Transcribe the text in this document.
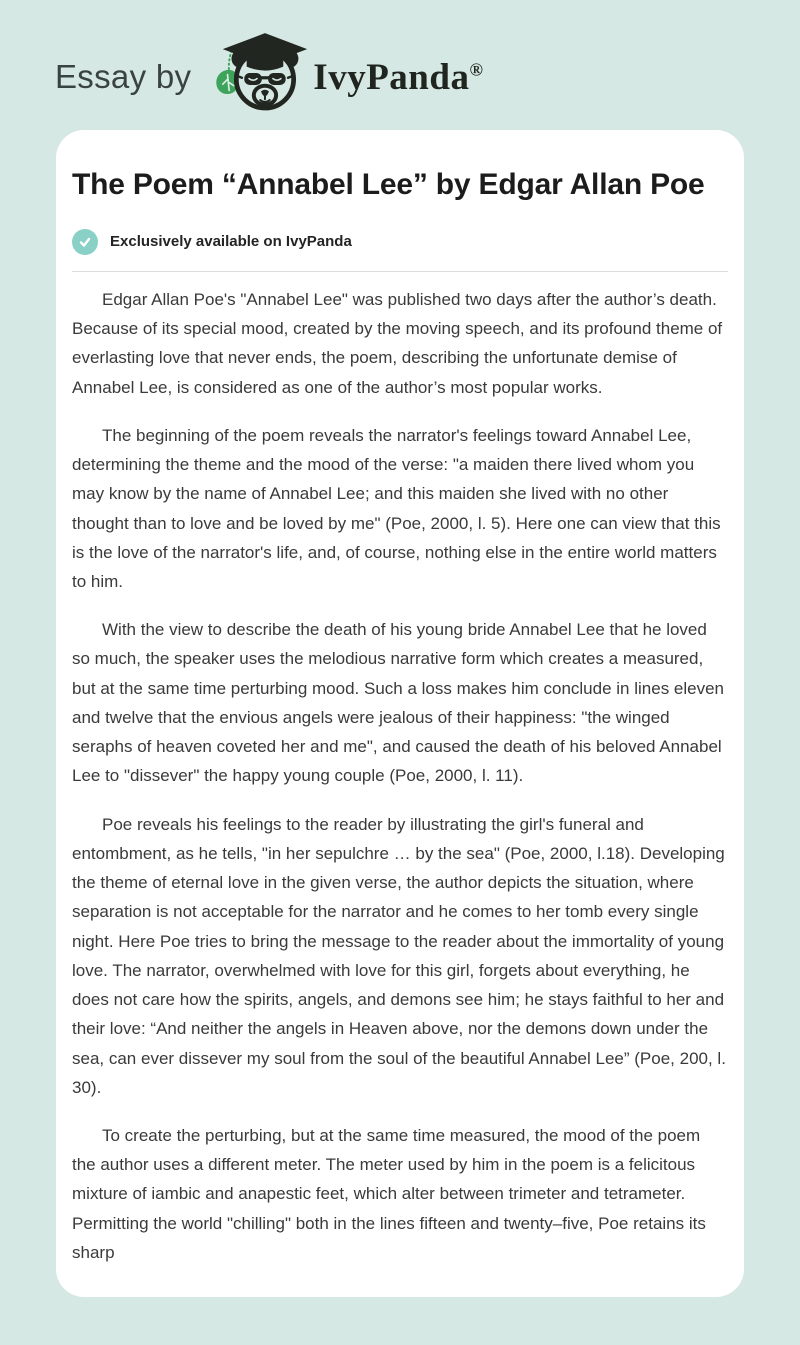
Essay by	IvyPanda®
The Poem “Annabel Lee” by Edgar Allan Poe
Exclusively available on IvyPanda

Edgar Allan Poe's "Annabel Lee" was published two days after the author’s death. Because of its special mood, created by the moving speech, and its profound theme of everlasting love that never ends, the poem, describing the unfortunate demise of Annabel Lee, is considered as one of the author’s most popular works.

The beginning of the poem reveals the narrator's feelings toward Annabel Lee, determining the theme and the mood of the verse: "a maiden there lived whom you may know by the name of Annabel Lee; and this maiden she lived with no other thought than to love and be loved by me" (Poe, 2000, l. 5). Here one can view that this is the love of the narrator's life, and, of course, nothing else in the entire world matters to him.

With the view to describe the death of his young bride Annabel Lee that he loved so much, the speaker uses the melodious narrative form which creates a measured, but at the same time perturbing mood. Such a loss makes him conclude in lines eleven and twelve that the envious angels were jealous of their happiness: "the winged seraphs of heaven coveted her and me", and caused the death of his beloved Annabel Lee to "dissever" the happy young couple (Poe, 2000, l. 11).

Poe reveals his feelings to the reader by illustrating the girl's funeral and entombment, as he tells, "in her sepulchre … by the sea" (Poe, 2000, l.18). Developing the theme of eternal love in the given verse, the author depicts the situation, where separation is not acceptable for the narrator and he comes to her tomb every single night. Here Poe tries to bring the message to the reader about the immortality of young love. The narrator, overwhelmed with love for this girl, forgets about everything, he does not care how the spirits, angels, and demons see him; he stays faithful to her and their love: “And neither the angels in Heaven above, nor the demons down under the sea, can ever dissever my soul from the soul of the beautiful Annabel Lee” (Poe, 200, l. 30).

To create the perturbing, but at the same time measured, the mood of the poem the author uses a different meter. The meter used by him in the poem is a felicitous mixture of iambic and anapestic feet, which alter between trimeter and tetrameter. Permitting the world "chilling" both in the lines fifteen and twenty–five, Poe retains its sharp
